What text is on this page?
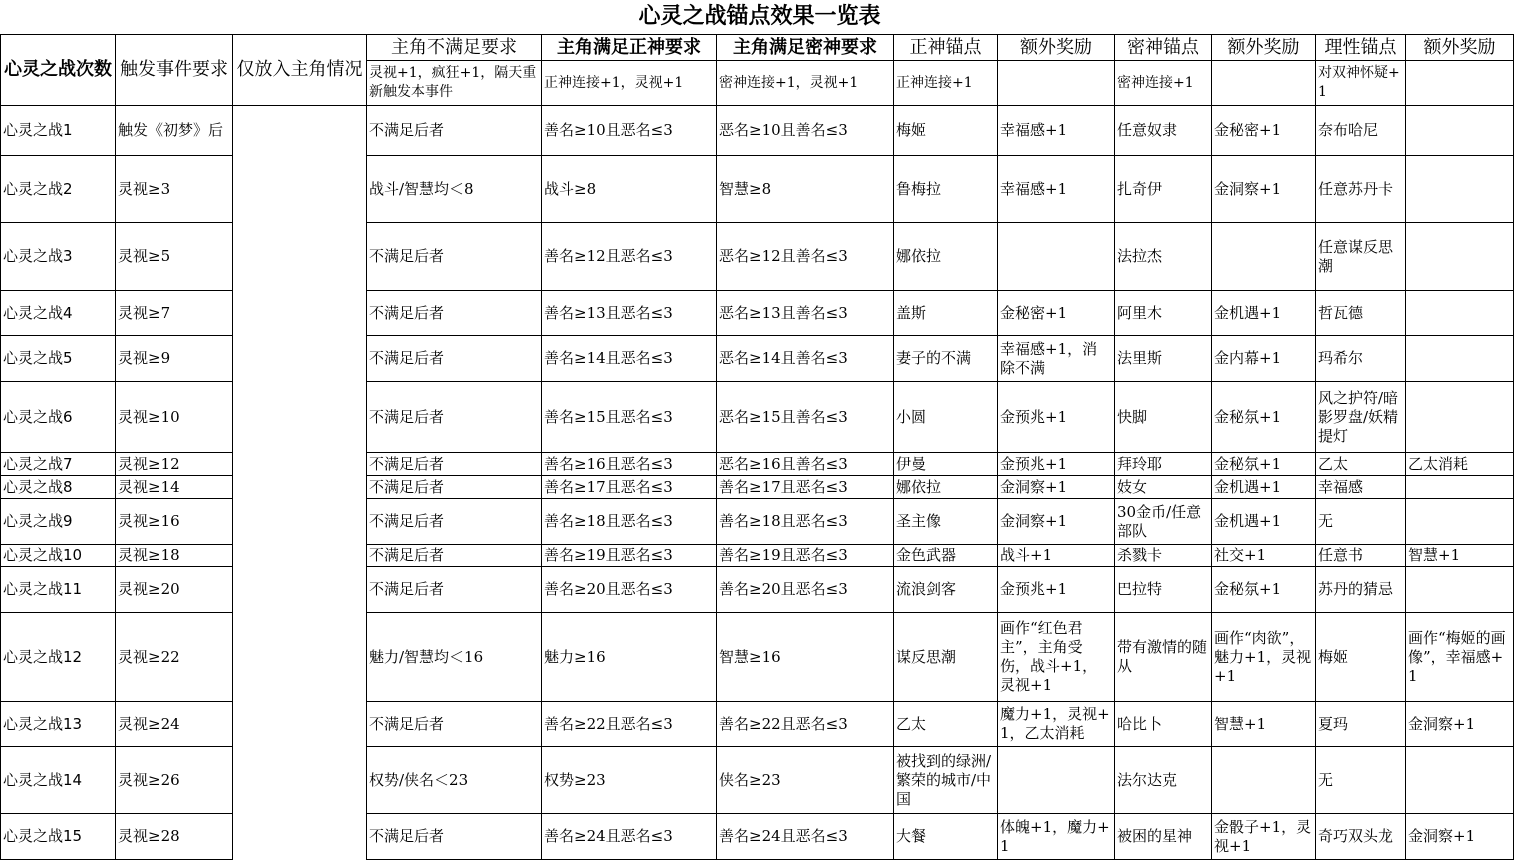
心灵之战锚点效果一览表
心灵之战次数	触发事件要求	仅放入主角情况	主角不满足要求	主角满足正神要求	主角满足密神要求	正神锚点	额外奖励	密神锚点	额外奖励	理性锚点	额外奖励
			灵视+1，疯狂+1，隔天重新触发本事件	正神连接+1，灵视+1	密神连接+1，灵视+1	正神连接+1		密神连接+1		对双神怀疑+1	
心灵之战1	触发《初梦》后		不满足后者	善名≥10且恶名≤3	恶名≥10且善名≤3	梅姬	幸福感+1	任意奴隶	金秘密+1	奈布哈尼	
心灵之战2	灵视≥3		战斗/智慧均＜8	战斗≥8	智慧≥8	鲁梅拉	幸福感+1	扎奇伊	金洞察+1	任意苏丹卡	
心灵之战3	灵视≥5		不满足后者	善名≥12且恶名≤3	恶名≥12且善名≤3	娜依拉		法拉杰		任意谋反思潮	
心灵之战4	灵视≥7		不满足后者	善名≥13且恶名≤3	恶名≥13且善名≤3	盖斯	金秘密+1	阿里木	金机遇+1	哲瓦德	
心灵之战5	灵视≥9		不满足后者	善名≥14且恶名≤3	恶名≥14且善名≤3	妻子的不满	幸福感+1，消除不满	法里斯	金内幕+1	玛希尔	
心灵之战6	灵视≥10		不满足后者	善名≥15且恶名≤3	恶名≥15且善名≤3	小圆	金预兆+1	快脚	金秘氛+1	风之护符/暗影罗盘/妖精提灯	
心灵之战7	灵视≥12		不满足后者	善名≥16且恶名≤3	恶名≥16且善名≤3	伊曼	金预兆+1	拜玲耶	金秘氛+1	乙太	乙太消耗
心灵之战8	灵视≥14		不满足后者	善名≥17且恶名≤3	善名≥17且恶名≤3	娜依拉	金洞察+1	妓女	金机遇+1	幸福感	
心灵之战9	灵视≥16		不满足后者	善名≥18且恶名≤3	善名≥18且恶名≤3	圣主像	金洞察+1	30金币/任意部队	金机遇+1	无	
心灵之战10	灵视≥18		不满足后者	善名≥19且恶名≤3	善名≥19且恶名≤3	金色武器	战斗+1	杀戮卡	社交+1	任意书	智慧+1
心灵之战11	灵视≥20		不满足后者	善名≥20且恶名≤3	善名≥20且恶名≤3	流浪剑客	金预兆+1	巴拉特	金秘氛+1	苏丹的猜忌	
心灵之战12	灵视≥22		魅力/智慧均＜16	魅力≥16	智慧≥16	谋反思潮	画作“红色君主”，主角受伤，战斗+1，灵视+1	带有激情的随从	画作“肉欲”，魅力+1，灵视+1	梅姬	画作“梅姬的画像”，幸福感+1
心灵之战13	灵视≥24		不满足后者	善名≥22且恶名≤3	善名≥22且恶名≤3	乙太	魔力+1，灵视+1，乙太消耗	哈比卜	智慧+1	夏玛	金洞察+1
心灵之战14	灵视≥26		权势/侠名＜23	权势≥23	侠名≥23	被找到的绿洲/繁荣的城市/中国		法尔达克		无	
心灵之战15	灵视≥28		不满足后者	善名≥24且恶名≤3	善名≥24且恶名≤3	大餐	体魄+1，魔力+1	被困的星神	金骰子+1，灵视+1	奇巧双头龙	金洞察+1
